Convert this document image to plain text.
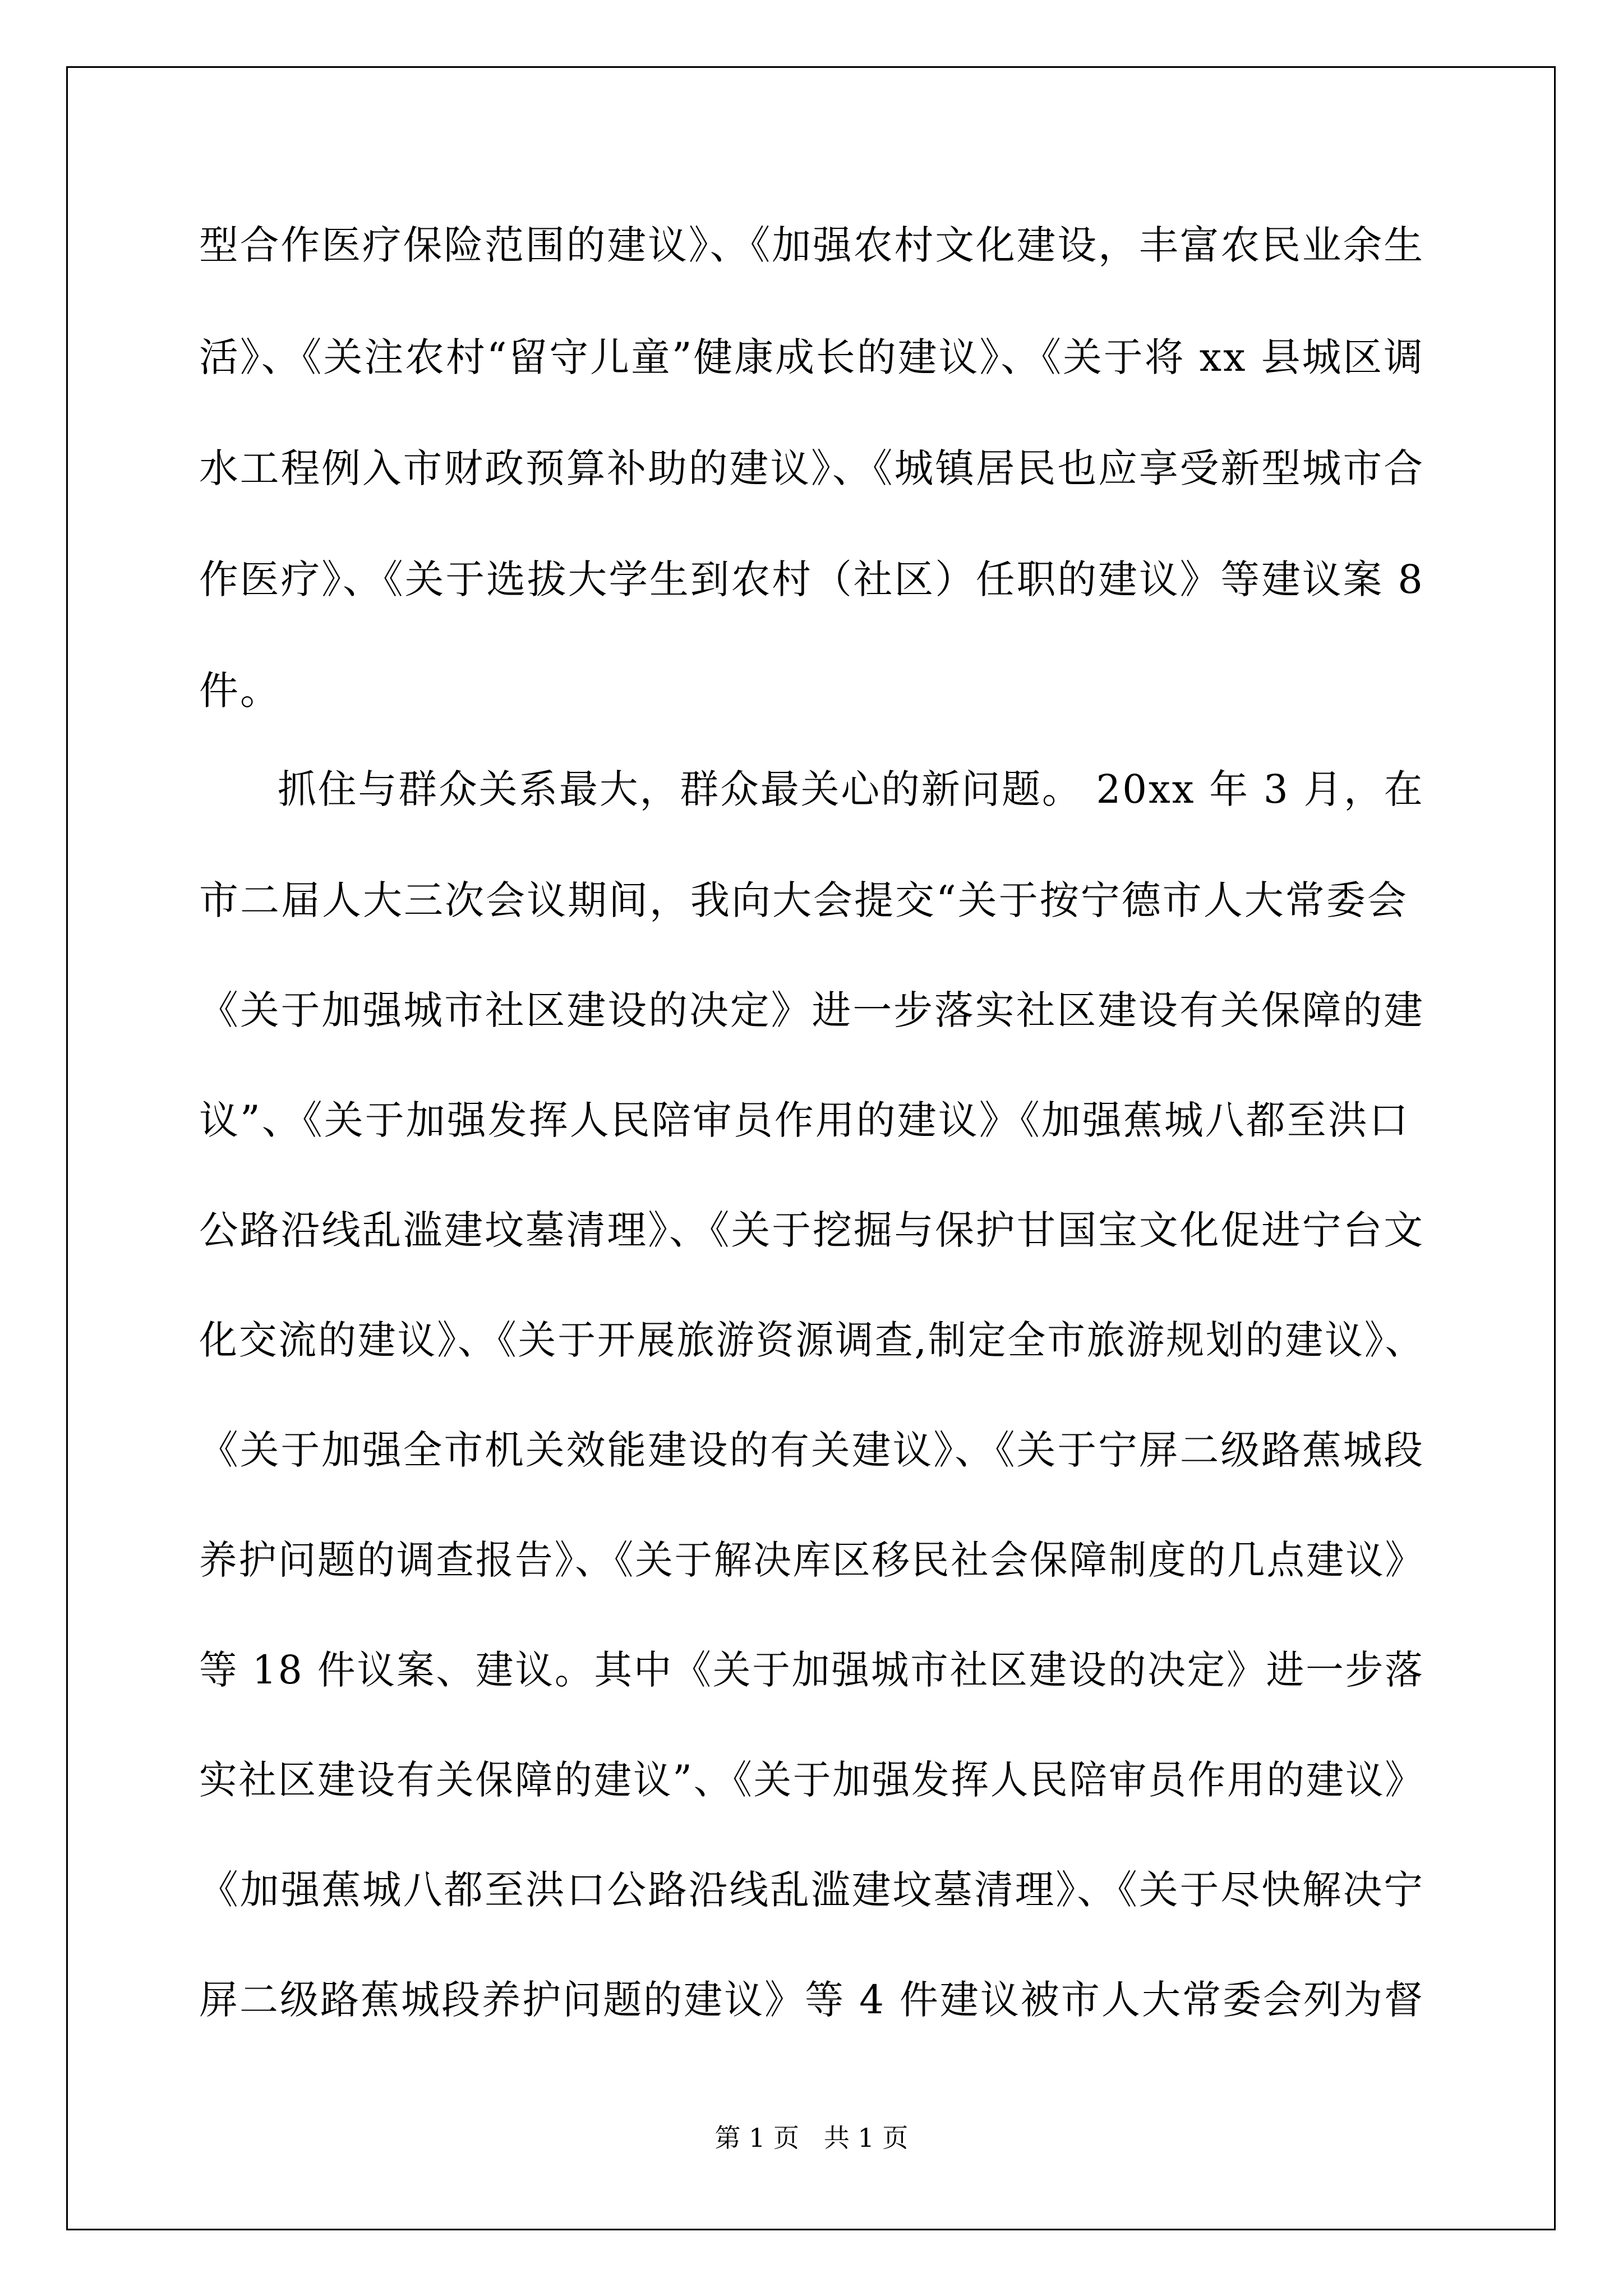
型合作医疗保险范围的建议》、《加强农村文化建设，丰富农民业余生
活》、《关注农村“留守儿童”健康成长的建议》、《关于将 xx 县城区调
水工程例入市财政预算补助的建议》、《城镇居民也应享受新型城市合
作医疗》、《关于选拔大学生到农村（社区）任职的建议》等建议案 8
件。
抓住与群众关系最大，群众最关心的新问题。 20xx 年 3 月，在
市二届人大三次会议期间，我向大会提交“关于按宁德市人大常委会
《关于加强城市社区建设的决定》进一步落实社区建设有关保障的建
议”、《关于加强发挥人民陪审员作用的建议》《加强蕉城八都至洪口
公路沿线乱滥建坟墓清理》、《关于挖掘与保护甘国宝文化促进宁台文
化交流的建议》、《关于开展旅游资源调查,制定全市旅游规划的建议》、
《关于加强全市机关效能建设的有关建议》、《关于宁屏二级路蕉城段
养护问题的调查报告》、《关于解决库区移民社会保障制度的几点建议》
等 18 件议案、建议。其中《关于加强城市社区建设的决定》进一步落
实社区建设有关保障的建议”、《关于加强发挥人民陪审员作用的建议》
《加强蕉城八都至洪口公路沿线乱滥建坟墓清理》、《关于尽快解决宁
屏二级路蕉城段养护问题的建议》等 4 件建议被市人大常委会列为督
第 1 页   共 1 页
